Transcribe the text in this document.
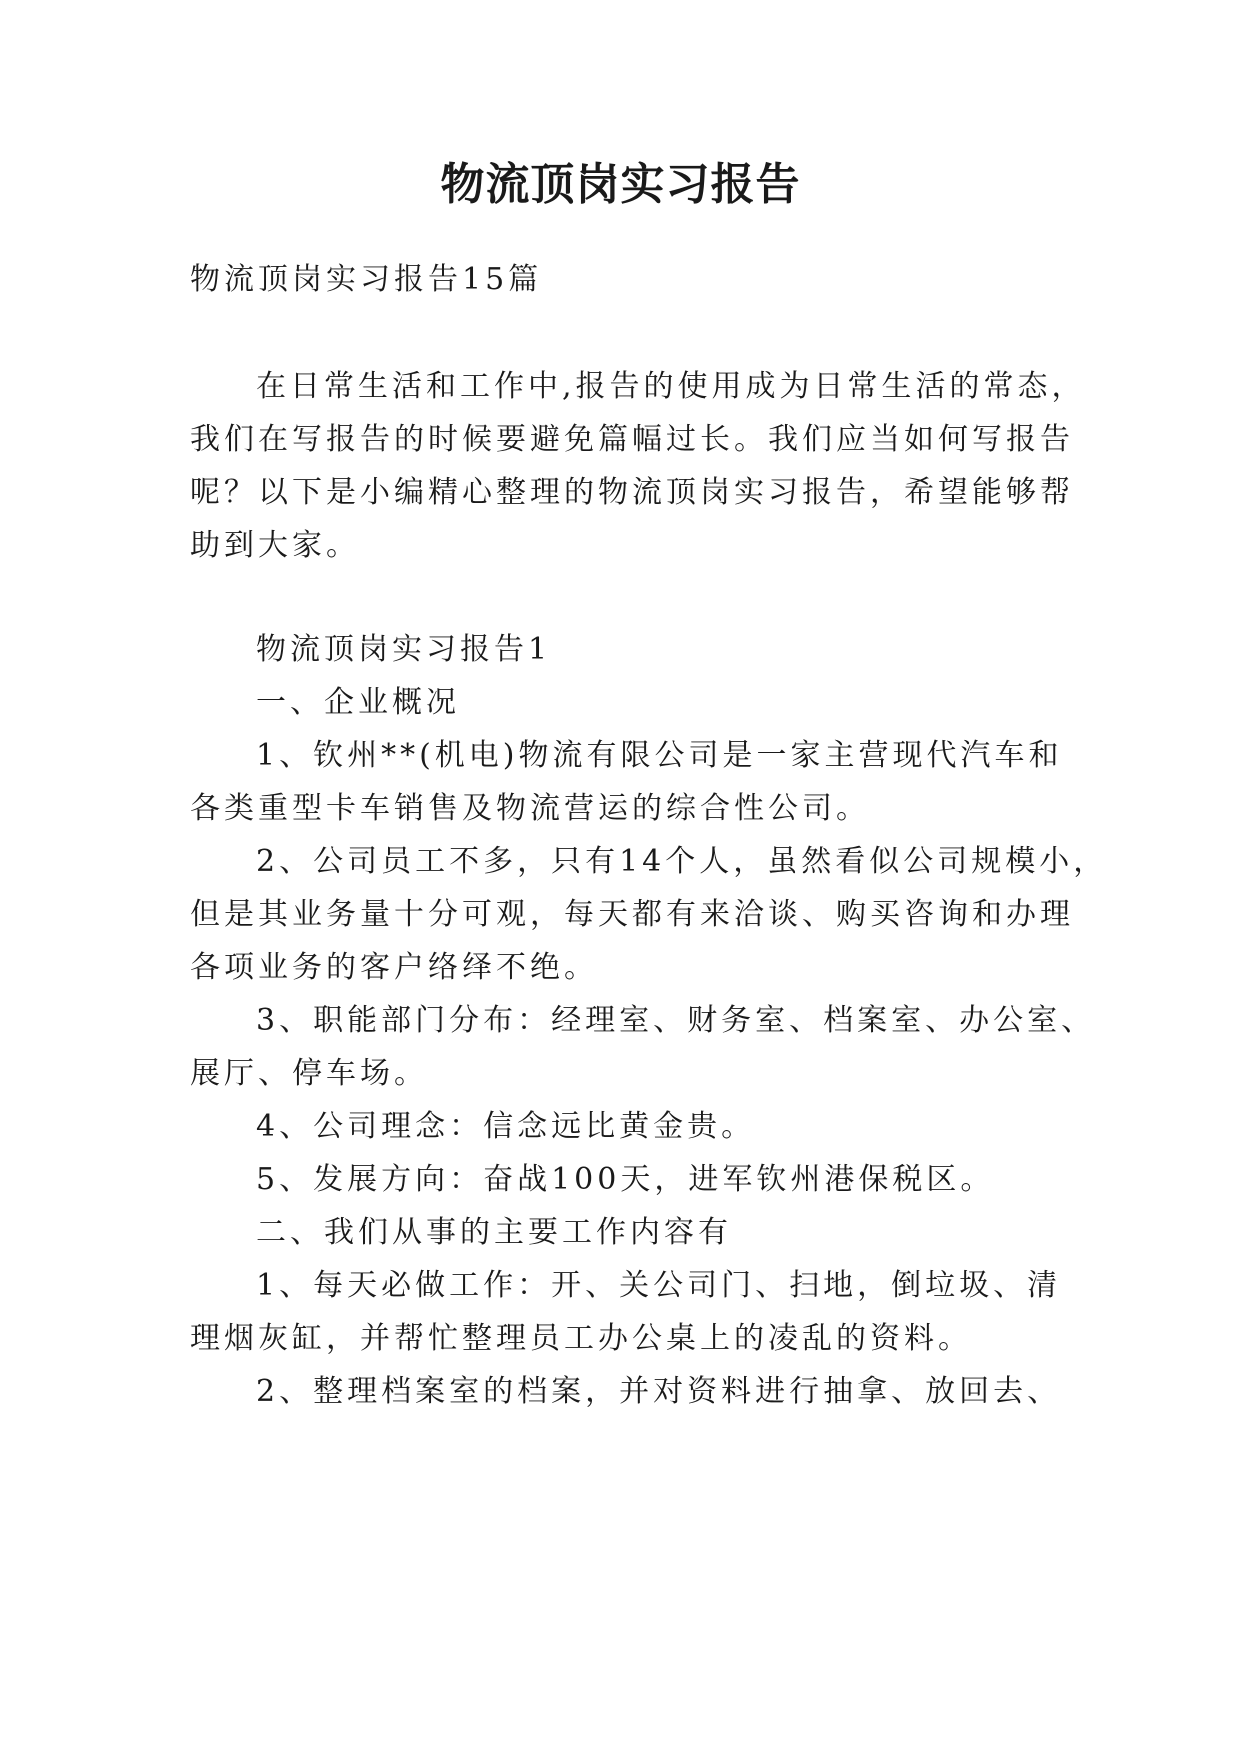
物流顶岗实习报告
物流顶岗实习报告15篇
在日常生活和工作中,报告的使用成为日常生活的常态，
我们在写报告的时候要避免篇幅过长。我们应当如何写报告
呢？以下是小编精心整理的物流顶岗实习报告，希望能够帮
助到大家。
物流顶岗实习报告1
一、企业概况
1、钦州**(机电)物流有限公司是一家主营现代汽车和
各类重型卡车销售及物流营运的综合性公司。
2、公司员工不多，只有14个人，虽然看似公司规模小，
但是其业务量十分可观，每天都有来洽谈、购买咨询和办理
各项业务的客户络绎不绝。
3、职能部门分布：经理室、财务室、档案室、办公室、
展厅、停车场。
4、公司理念：信念远比黄金贵。
5、发展方向：奋战100天，进军钦州港保税区。
二、我们从事的主要工作内容有
1、每天必做工作：开、关公司门、扫地，倒垃圾、清
理烟灰缸，并帮忙整理员工办公桌上的凌乱的资料。
2、整理档案室的档案，并对资料进行抽拿、放回去、
